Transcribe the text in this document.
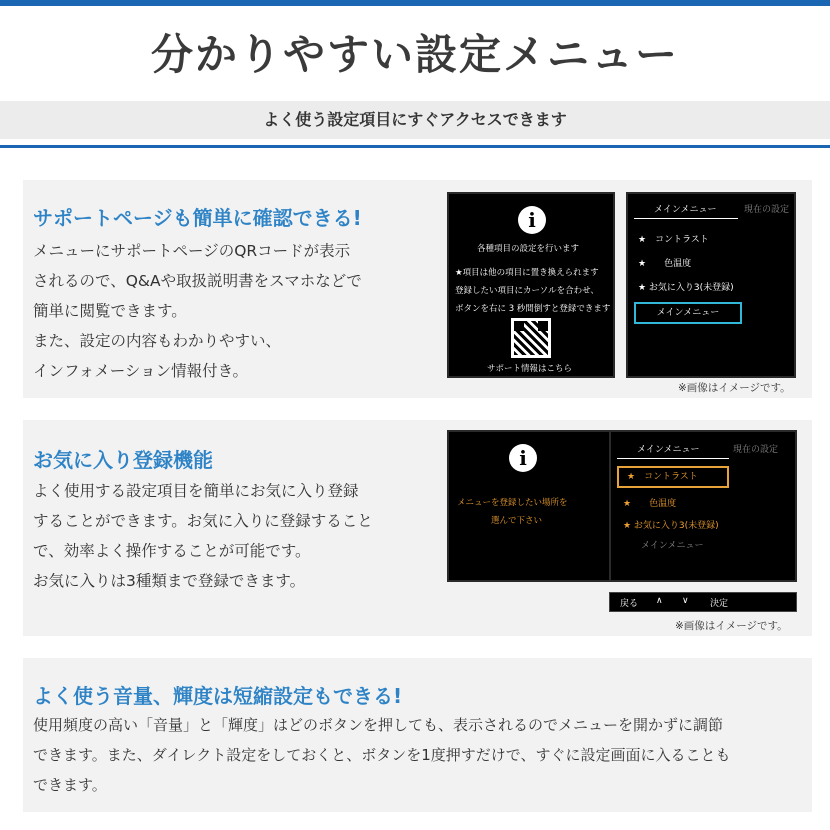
分かりやすい設定メニュー
よく使う設定項目にすぐアクセスできます
サポートページも簡単に確認できる!

メニューにサポートページのQRコードが表示

されるので、Q&Aや取扱説明書をスマホなどで

簡単に閲覧できます。

また、設定の内容もわかりやすい、

インフォメーション情報付き。

i
各種項目の設定を行います
★項目は他の項目に置き換えられます
登録したい項目にカーソルを合わせ、
ボタンを右に 3 秒間倒すと登録できます
サポート情報はこちら
メインメニュー	現在の設定
★　コントラスト
★　　色温度
★ お気に入り3(未登録)
メインメニュー
※画像はイメージです。
お気に入り登録機能

よく使用する設定項目を簡単にお気に入り登録

することができます。お気に入りに登録すること

で、効率よく操作することが可能です。

お気に入りは3種類まで登録できます。

i
メニューを登録したい場所を
選んで下さい
メインメニュー	現在の設定
★　コントラスト
★　　色温度
★ お気に入り3(未登録)
メインメニュー
戻る ∧ ∨ 決定
※画像はイメージです。
よく使う音量、輝度は短縮設定もできる!

使用頻度の高い「音量」と「輝度」はどのボタンを押しても、表示されるのでメニューを開かずに調節

できます。また、ダイレクト設定をしておくと、ボタンを1度押すだけで、すぐに設定画面に入ることも

できます。
